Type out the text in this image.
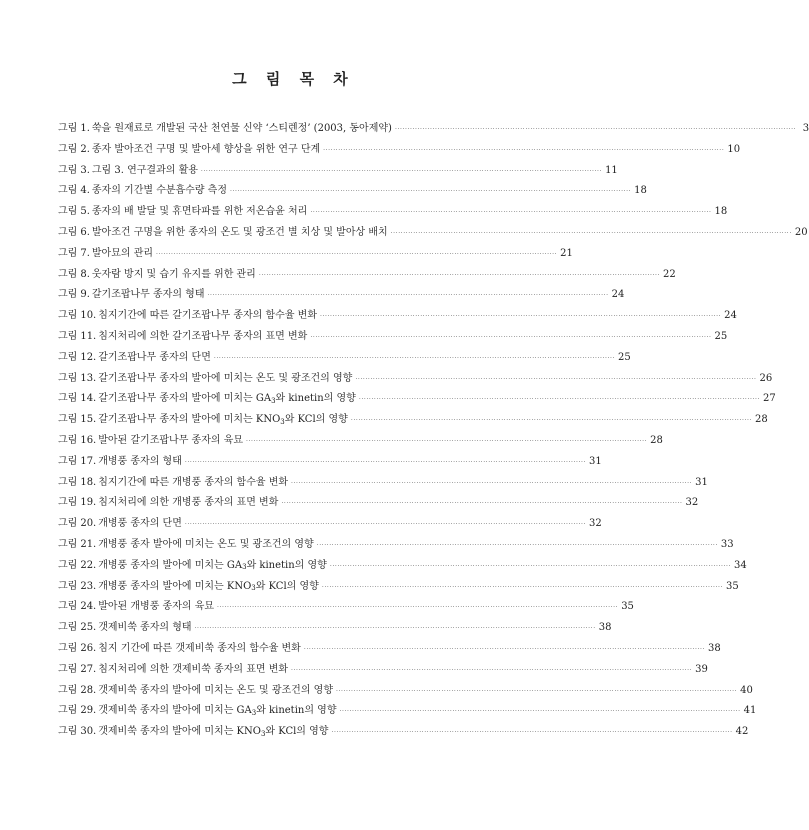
그 림 목 차
그림 1. 쑥을 원재료로 개발된 국산 천연물 신약 ‘스티렌정’ (2003, 동아제약) ································································································································································ 3
그림 2. 종자 발아조건 구명 및 발아세 향상을 위한 연구 단계 ································································································································································ 10
그림 3. 그림 3. 연구결과의 활용 ································································································································································ 11
그림 4. 종자의 기간별 수분흡수량 측정 ································································································································································ 18
그림 5. 종자의 배 발달 및 휴면타파를 위한 저온습윤 처리 ································································································································································ 18
그림 6. 발아조건 구명을 위한 종자의 온도 및 광조건 별 치상 및 발아상 배치 ································································································································································ 20
그림 7. 발아묘의 관리 ································································································································································ 21
그림 8. 웃자람 방지 및 습기 유지를 위한 관리 ································································································································································ 22
그림 9. 갈기조팝나무 종자의 형태 ································································································································································ 24
그림 10. 침지기간에 따른 갈기조팝나무 종자의 함수율 변화 ································································································································································ 24
그림 11. 침지처리에 의한 갈기조팝나무 종자의 표면 변화 ································································································································································ 25
그림 12. 갈기조팝나무 종자의 단면 ································································································································································ 25
그림 13. 갈기조팝나무 종자의 발아에 미치는 온도 및 광조건의 영향 ································································································································································ 26
그림 14. 갈기조팝나무 종자의 발아에 미치는 $GA_3$와 kinetin의 영향 ································································································································································ 27
그림 15. 갈기조팝나무 종자의 발아에 미치는 $KNO_3$와 KCl의 영향 ································································································································································ 28
그림 16. 발아된 갈기조팝나무 종자의 육묘 ································································································································································ 28
그림 17. 개병풍 종자의 형태 ································································································································································ 31
그림 18. 침지기간에 따른 개병풍 종자의 함수율 변화 ································································································································································ 31
그림 19. 침지처리에 의한 개병풍 종자의 표면 변화 ································································································································································ 32
그림 20. 개병풍 종자의 단면 ································································································································································ 32
그림 21. 개병풍 종자 발아에 미치는 온도 및 광조건의 영향 ································································································································································ 33
그림 22. 개병풍 종자의 발아에 미치는 $GA_3$와 kinetin의 영향 ································································································································································ 34
그림 23. 개병풍 종자의 발아에 미치는 $KNO_3$와 KCl의 영향 ································································································································································ 35
그림 24. 발아된 개병풍 종자의 육묘 ································································································································································ 35
그림 25. 갯제비쑥 종자의 형태 ································································································································································ 38
그림 26. 침지 기간에 따른 갯제비쑥 종자의 함수율 변화 ································································································································································ 38
그림 27. 침지처리에 의한 갯제비쑥 종자의 표면 변화 ································································································································································ 39
그림 28. 갯제비쑥 종자의 발아에 미치는 온도 및 광조건의 영향 ································································································································································ 40
그림 29. 갯제비쑥 종자의 발아에 미치는 $GA_3$와 kinetin의 영향 ································································································································································ 41
그림 30. 갯제비쑥 종자의 발아에 미치는 $KNO_3$와 KCl의 영향 ································································································································································ 42
